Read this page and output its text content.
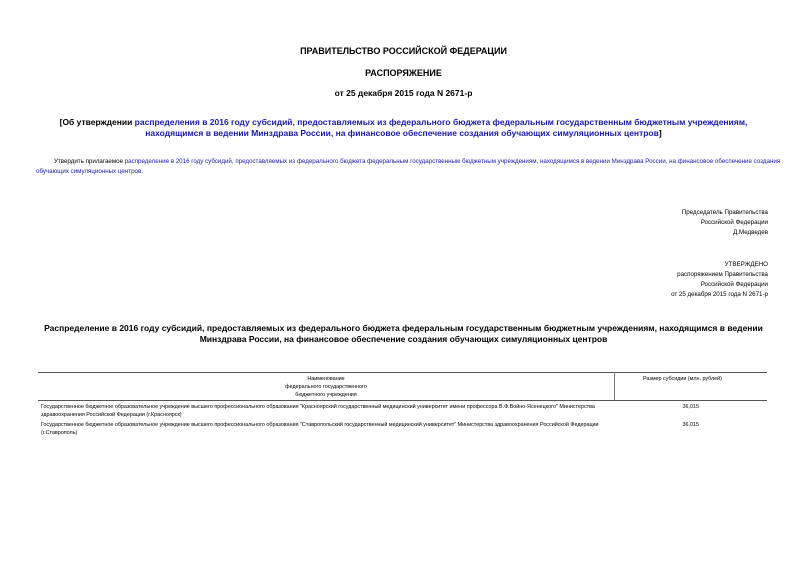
ПРАВИТЕЛЬСТВО РОССИЙСКОЙ ФЕДЕРАЦИИ
РАСПОРЯЖЕНИЕ
от 25 декабря 2015 года N 2671-р
[Об утверждении распределения в 2016 году субсидий, предоставляемых из федерального бюджета федеральным государственным бюджетным учреждениям, находящимся в ведении Минздрава России, на финансовое обеспечение создания обучающих симуляционных центров]
Утвердить прилагаемое распределение в 2016 году субсидий, предоставляемых из федерального бюджета федеральным государственным бюджетным учреждениям, находящимся в ведении Минздрава России, на финансовое обеспечение создания обучающих симуляционных центров.
Председатель Правительства
Российской Федерации
Д.Медведев
УТВЕРЖДЕНО
распоряжением Правительства
Российской Федерации
от 25 декабря 2015 года N 2671-р
Распределение в 2016 году субсидий, предоставляемых из федерального бюджета федеральным государственным бюджетным учреждениям, находящимся в ведении Минздрава России, на финансовое обеспечение создания обучающих симуляционных центров
Наименование
федерального государственного
бюджетного учреждения	Размер субсидии (млн. рублей)
Государственное бюджетное образовательное учреждение высшего профессионального образования "Красноярский государственный медицинский университет имени профессора В.Ф.Войно-Ясенецкого" Министерства здравоохранения Российской Федерации (г.Красноярск)	36,015
Государственное бюджетное образовательное учреждение высшего профессионального образования "Ставропольский государственный медицинский университет" Министерства здравоохранения Российской Федерации (г.Ставрополь)	36,015
